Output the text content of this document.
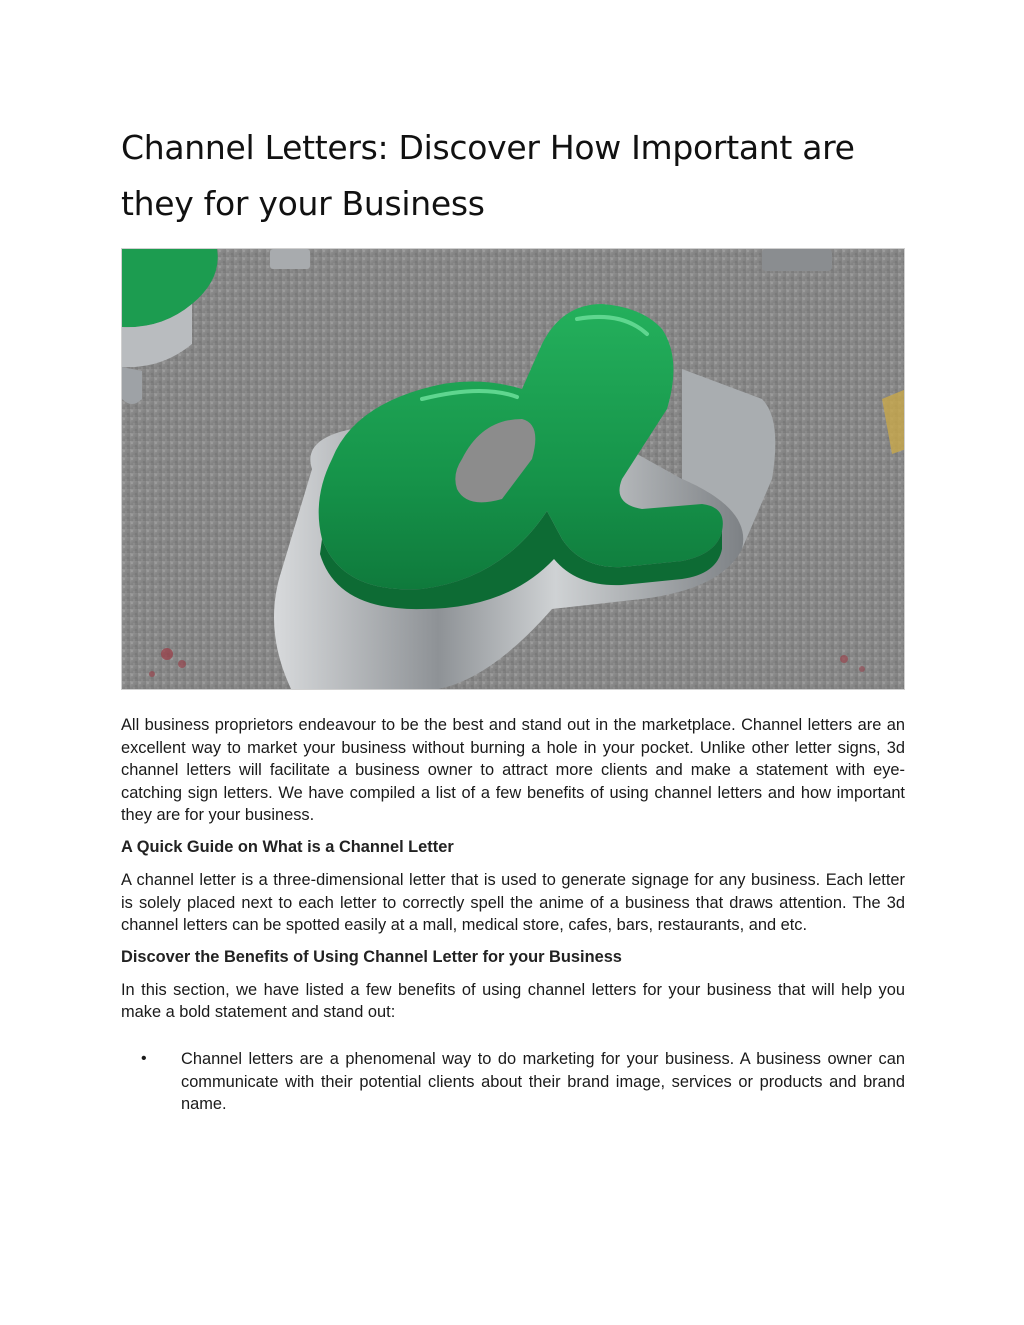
Channel Letters: Discover How Important are they for your Business

All business proprietors endeavour to be the best and stand out in the marketplace. Channel letters are an excellent way to market your business without burning a hole in your pocket. Unlike other letter signs, 3d channel letters will facilitate a business owner to attract more clients and make a statement with eye-catching sign letters. We have compiled a list of a few benefits of using channel letters and how important they are for your business.

A Quick Guide on What is a Channel Letter

A channel letter is a three-dimensional letter that is used to generate signage for any business. Each letter is solely placed next to each letter to correctly spell the anime of a business that draws attention. The 3d channel letters can be spotted easily at a mall, medical store, cafes, bars, restaurants, and etc.

Discover the Benefits of Using Channel Letter for your Business

In this section, we have listed a few benefits of using channel letters for your business that will help you make a bold statement and stand out:

• Channel letters are a phenomenal way to do marketing for your business. A business owner can communicate with their potential clients about their brand image, services or products and brand name.
